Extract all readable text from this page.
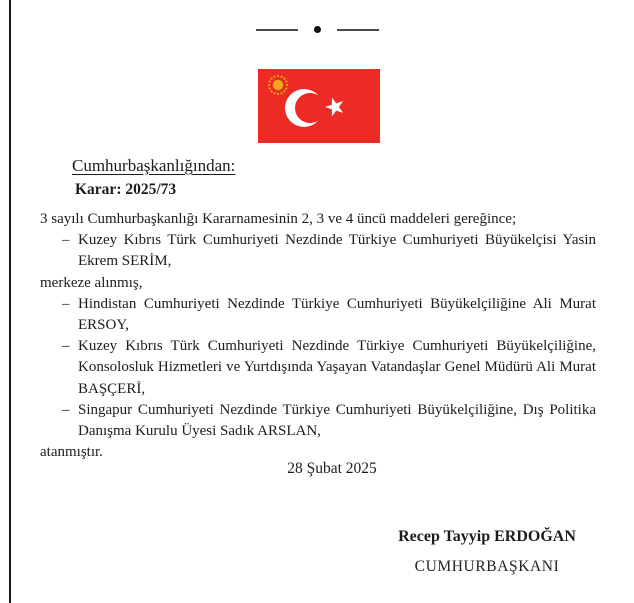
Cumhurbaşkanlığından:
Karar: 2025/73

3 sayılı Cumhurbaşkanlığı Kararnamesinin 2, 3 ve 4 üncü maddeleri gereğince;

– Kuzey Kıbrıs Türk Cumhuriyeti Nezdinde Türkiye Cumhuriyeti Büyükelçisi Yasin Ekrem SERİM,

merkeze alınmış,

– Hindistan Cumhuriyeti Nezdinde Türkiye Cumhuriyeti Büyükelçiliğine Ali Murat ERSOY,

– Kuzey Kıbrıs Türk Cumhuriyeti Nezdinde Türkiye Cumhuriyeti Büyükelçiliğine, Konsolosluk Hizmetleri ve Yurtdışında Yaşayan Vatandaşlar Genel Müdürü Ali Murat BAŞÇERİ,

– Singapur Cumhuriyeti Nezdinde Türkiye Cumhuriyeti Büyükelçiliğine, Dış Politika Danışma Kurulu Üyesi Sadık ARSLAN,

atanmıştır.

28 Şubat 2025
Recep Tayyip ERDOĞAN
CUMHURBAŞKANI
